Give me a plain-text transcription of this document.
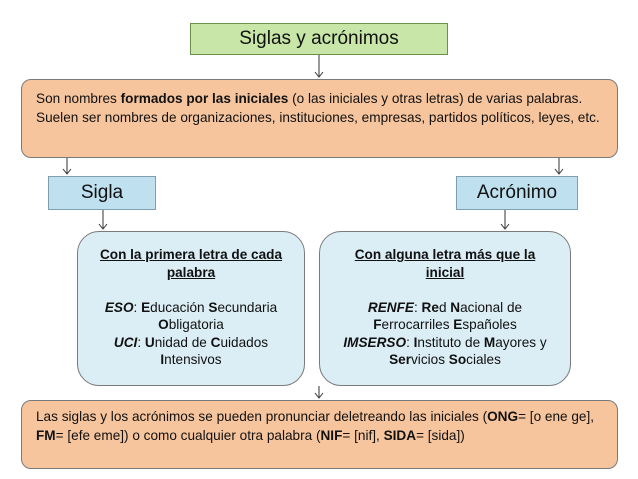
Siglas y acrónimos
Son nombres formados por las iniciales (o las iniciales y otras letras) de varias palabras. Suelen ser nombres de organizaciones, instituciones, empresas, partidos políticos, leyes, etc.
Sigla	Acrónimo

Con la primera letra de cada palabra

ESO: Educación Secundaria

Obligatoria

UCI: Unidad de Cuidados

Intensivos

Con alguna letra más que la inicial

RENFE: Red Nacional de

Ferrocarriles Españoles

IMSERSO: Instituto de Mayores y

Servicios Sociales

Las siglas y los acrónimos se pueden pronunciar deletreando las iniciales (ONG= [o ene ge], FM= [efe eme]) o como cualquier otra palabra (NIF= [nif], SIDA= [sida])
